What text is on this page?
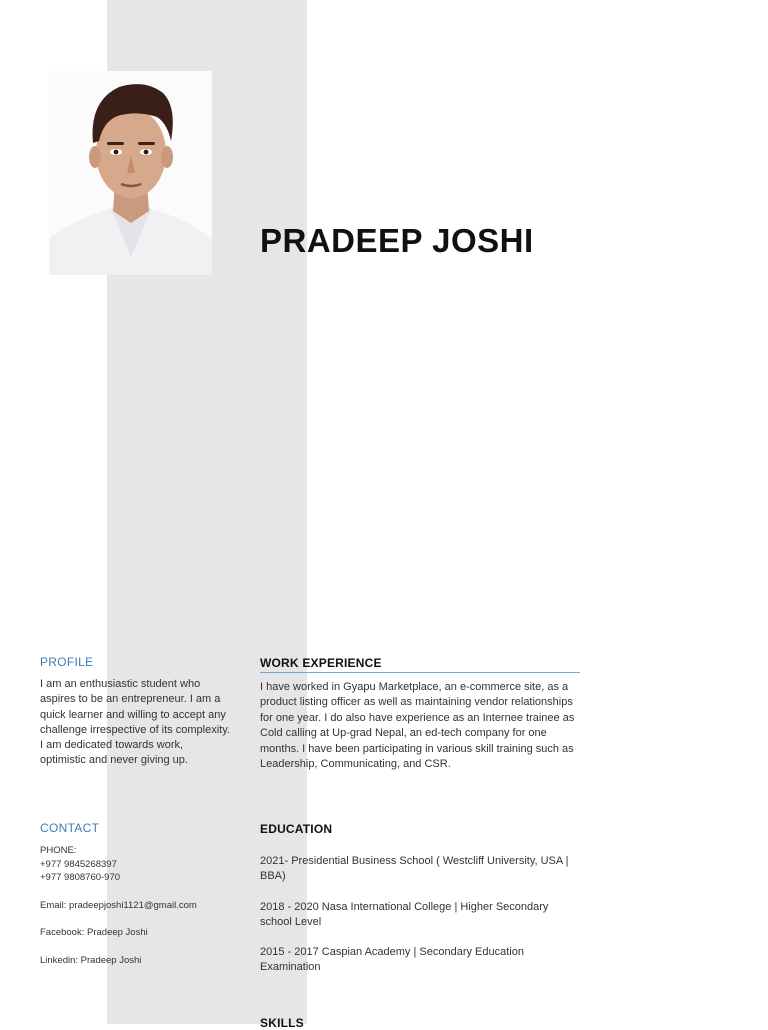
PRADEEP JOSHI
PROFILE

I am an enthusiastic student who aspires to be an entrepreneur. I am a quick learner and willing to accept any challenge irrespective of its complexity. I am dedicated towards work, optimistic and never giving up.

CONTACT
PHONE:
+977 9845268397
+977 9808760-970
Email: pradeepjoshi1121@gmail.com
Facebook: Pradeep Joshi
Linkedin: Pradeep Joshi
WORK EXPERIENCE

I have worked in Gyapu Marketplace, an e-commerce site, as a product listing officer as well as maintaining vendor relationships for one year. I do also have experience as an Internee trainee as Cold calling at Up-grad Nepal, an ed-tech company for one months. I have been participating in various skill training such as Leadership, Communicating, and CSR.

EDUCATION

2021- Presidential Business School ( Westcliff University, USA | BBA)

2018 - 2020 Nasa International College | Higher Secondary school Level

2015 - 2017 Caspian Academy | Secondary Education Examination

SKILLS
